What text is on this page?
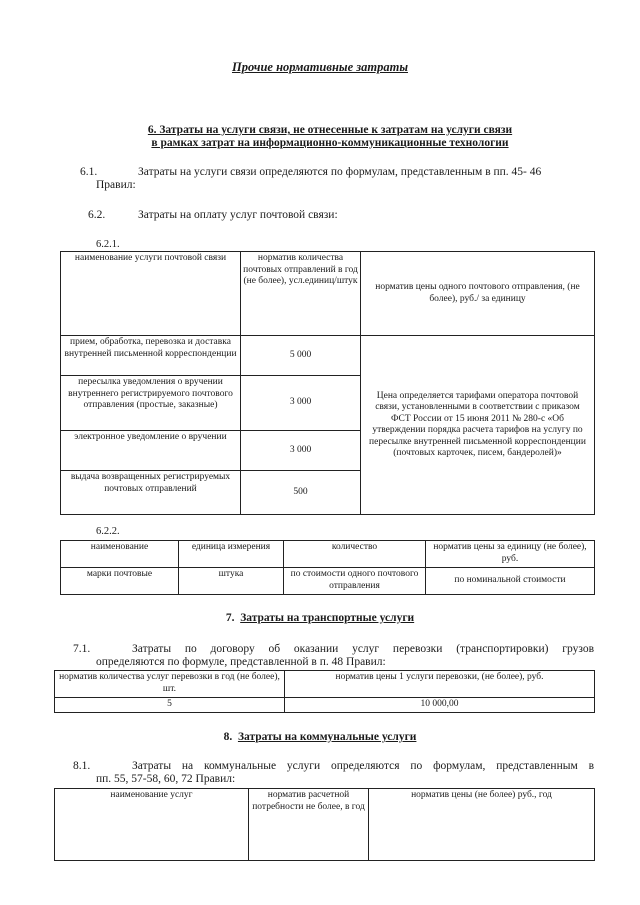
Прочие нормативные затраты
6. Затраты на услуги связи, не отнесенные к затратам на услуги связи
в рамках затрат на информационно-коммуникационные технологии
6.1.	Затраты на услуги связи определяются по формулам, представленным в пп. 45- 46
Правил:
6.2.	Затраты на оплату услуг почтовой связи:
6.2.1.
наименование услуги почтовой связи	норматив количества почтовых отправлений в год (не более), усл.единиц/штук	норматив цены одного почтового отправления, (не более), руб./ за единицу
прием, обработка, перевозка и доставка внутренней письменной корреспонденции	5 000	Цена определяется тарифами оператора почтовой связи, установленными в соответствии с приказом ФСТ России от 15 июня 2011 № 280-с «Об утверждении порядка расчета тарифов на услугу по пересылке внутренней письменной корреспонденции (почтовых карточек, писем, бандеролей)»
пересылка уведомления о вручении внутреннего регистрируемого почтового отправления (простые, заказные)	3 000	
электронное уведомление о вручении	3 000	
выдача возвращенных регистрируемых почтовых отправлений	500	
6.2.2.
наименование	единица измерения	количество	норматив цены за единицу (не более), руб.
марки почтовые	штука	по стоимости одного почтового отправления	по номинальной стоимости
7. Затраты на транспортные услуги
7.1.	Затраты по договору об оказании услуг перевозки (транспортировки) грузов
определяются по формуле, представленной в п. 48 Правил:
норматив количества услуг перевозки в год (не более), шт.	норматив цены 1 услуги перевозки, (не более), руб.
5	10 000,00
8. Затраты на коммунальные услуги
8.1.	Затраты на коммунальные услуги определяются по формулам, представленным в
пп. 55, 57-58, 60, 72 Правил:
наименование услуг	норматив расчетной потребности не более, в год	норматив цены (не более) руб., год
